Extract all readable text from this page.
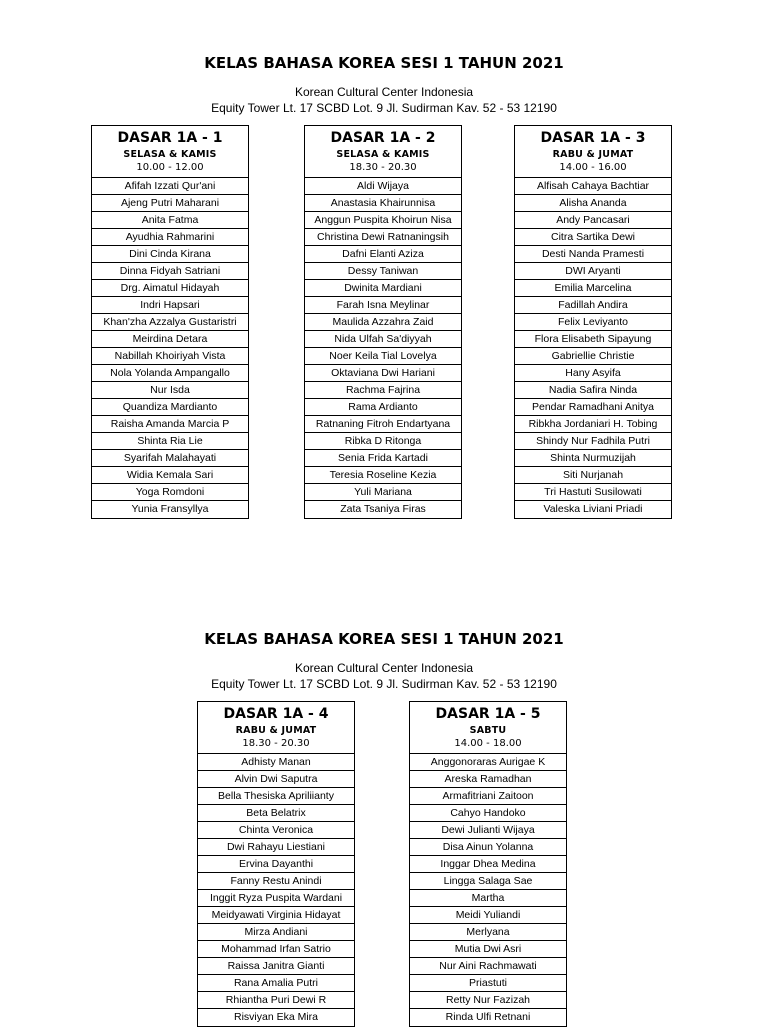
KELAS BAHASA KOREA SESI 1 TAHUN 2021
Korean Cultural Center Indonesia
Equity Tower Lt. 17 SCBD Lot. 9 Jl. Sudirman Kav. 52 - 53 12190
DASAR 1A - 1
SELASA & KAMIS
10.00 - 12.00
Afifah Izzati Qur'ani
Ajeng Putri Maharani
Anita Fatma
Ayudhia Rahmarini
Dini Cinda Kirana
Dinna Fidyah Satriani
Drg. Aimatul Hidayah
Indri Hapsari
Khan'zha Azzalya Gustaristri
Meirdina Detara
Nabillah Khoiriyah Vista
Nola Yolanda Ampangallo
Nur Isda
Quandiza Mardianto
Raisha Amanda Marcia P
Shinta Ria Lie
Syarifah Malahayati
Widia Kemala Sari
Yoga Romdoni
Yunia Fransyllya
DASAR 1A - 2
SELASA & KAMIS
18.30 - 20.30
Aldi Wijaya
Anastasia Khairunnisa
Anggun Puspita Khoirun Nisa
Christina Dewi Ratnaningsih
Dafni Elanti Aziza
Dessy Taniwan
Dwinita Mardiani
Farah Isna Meylinar
Maulida Azzahra Zaid
Nida Ulfah Sa'diyyah
Noer Keila Tial Lovelya
Oktaviana Dwi Hariani
Rachma Fajrina
Rama Ardianto
Ratnaning Fitroh Endartyana
Ribka D Ritonga
Senia Frida Kartadi
Teresia Roseline Kezia
Yuli Mariana
Zata Tsaniya Firas
DASAR 1A - 3
RABU & JUMAT
14.00 - 16.00
Alfisah Cahaya Bachtiar
Alisha Ananda
Andy Pancasari
Citra Sartika Dewi
Desti Nanda Pramesti
DWI Aryanti
Emilia Marcelina
Fadillah Andira
Felix Leviyanto
Flora Elisabeth Sipayung
Gabriellie Christie
Hany Asyifa
Nadia Safira Ninda
Pendar Ramadhani Anitya
Ribkha Jordaniari H. Tobing
Shindy Nur Fadhila Putri
Shinta Nurmuzijah
Siti Nurjanah
Tri Hastuti Susilowati
Valeska Liviani Priadi
KELAS BAHASA KOREA SESI 1 TAHUN 2021
Korean Cultural Center Indonesia
Equity Tower Lt. 17 SCBD Lot. 9 Jl. Sudirman Kav. 52 - 53 12190
DASAR 1A - 4
RABU & JUMAT
18.30 - 20.30
Adhisty Manan
Alvin Dwi Saputra
Bella Thesiska Apriliianty
Beta Belatrix
Chinta Veronica
Dwi Rahayu Liestiani
Ervina Dayanthi
Fanny Restu Anindi
Inggit Ryza Puspita Wardani
Meidyawati Virginia Hidayat
Mirza Andiani
Mohammad Irfan Satrio
Raissa Janitra Gianti
Rana Amalia Putri
Rhiantha Puri Dewi R
Risviyan Eka Mira
DASAR 1A - 5
SABTU
14.00 - 18.00
Anggonoraras Aurigae K
Areska Ramadhan
Armafitriani Zaitoon
Cahyo Handoko
Dewi Julianti Wijaya
Disa Ainun Yolanna
Inggar Dhea Medina
Lingga Salaga Sae
Martha
Meidi Yuliandi
Merlyana
Mutia Dwi Asri
Nur Aini Rachmawati
Priastuti
Retty Nur Fazizah
Rinda Ulfi Retnani
